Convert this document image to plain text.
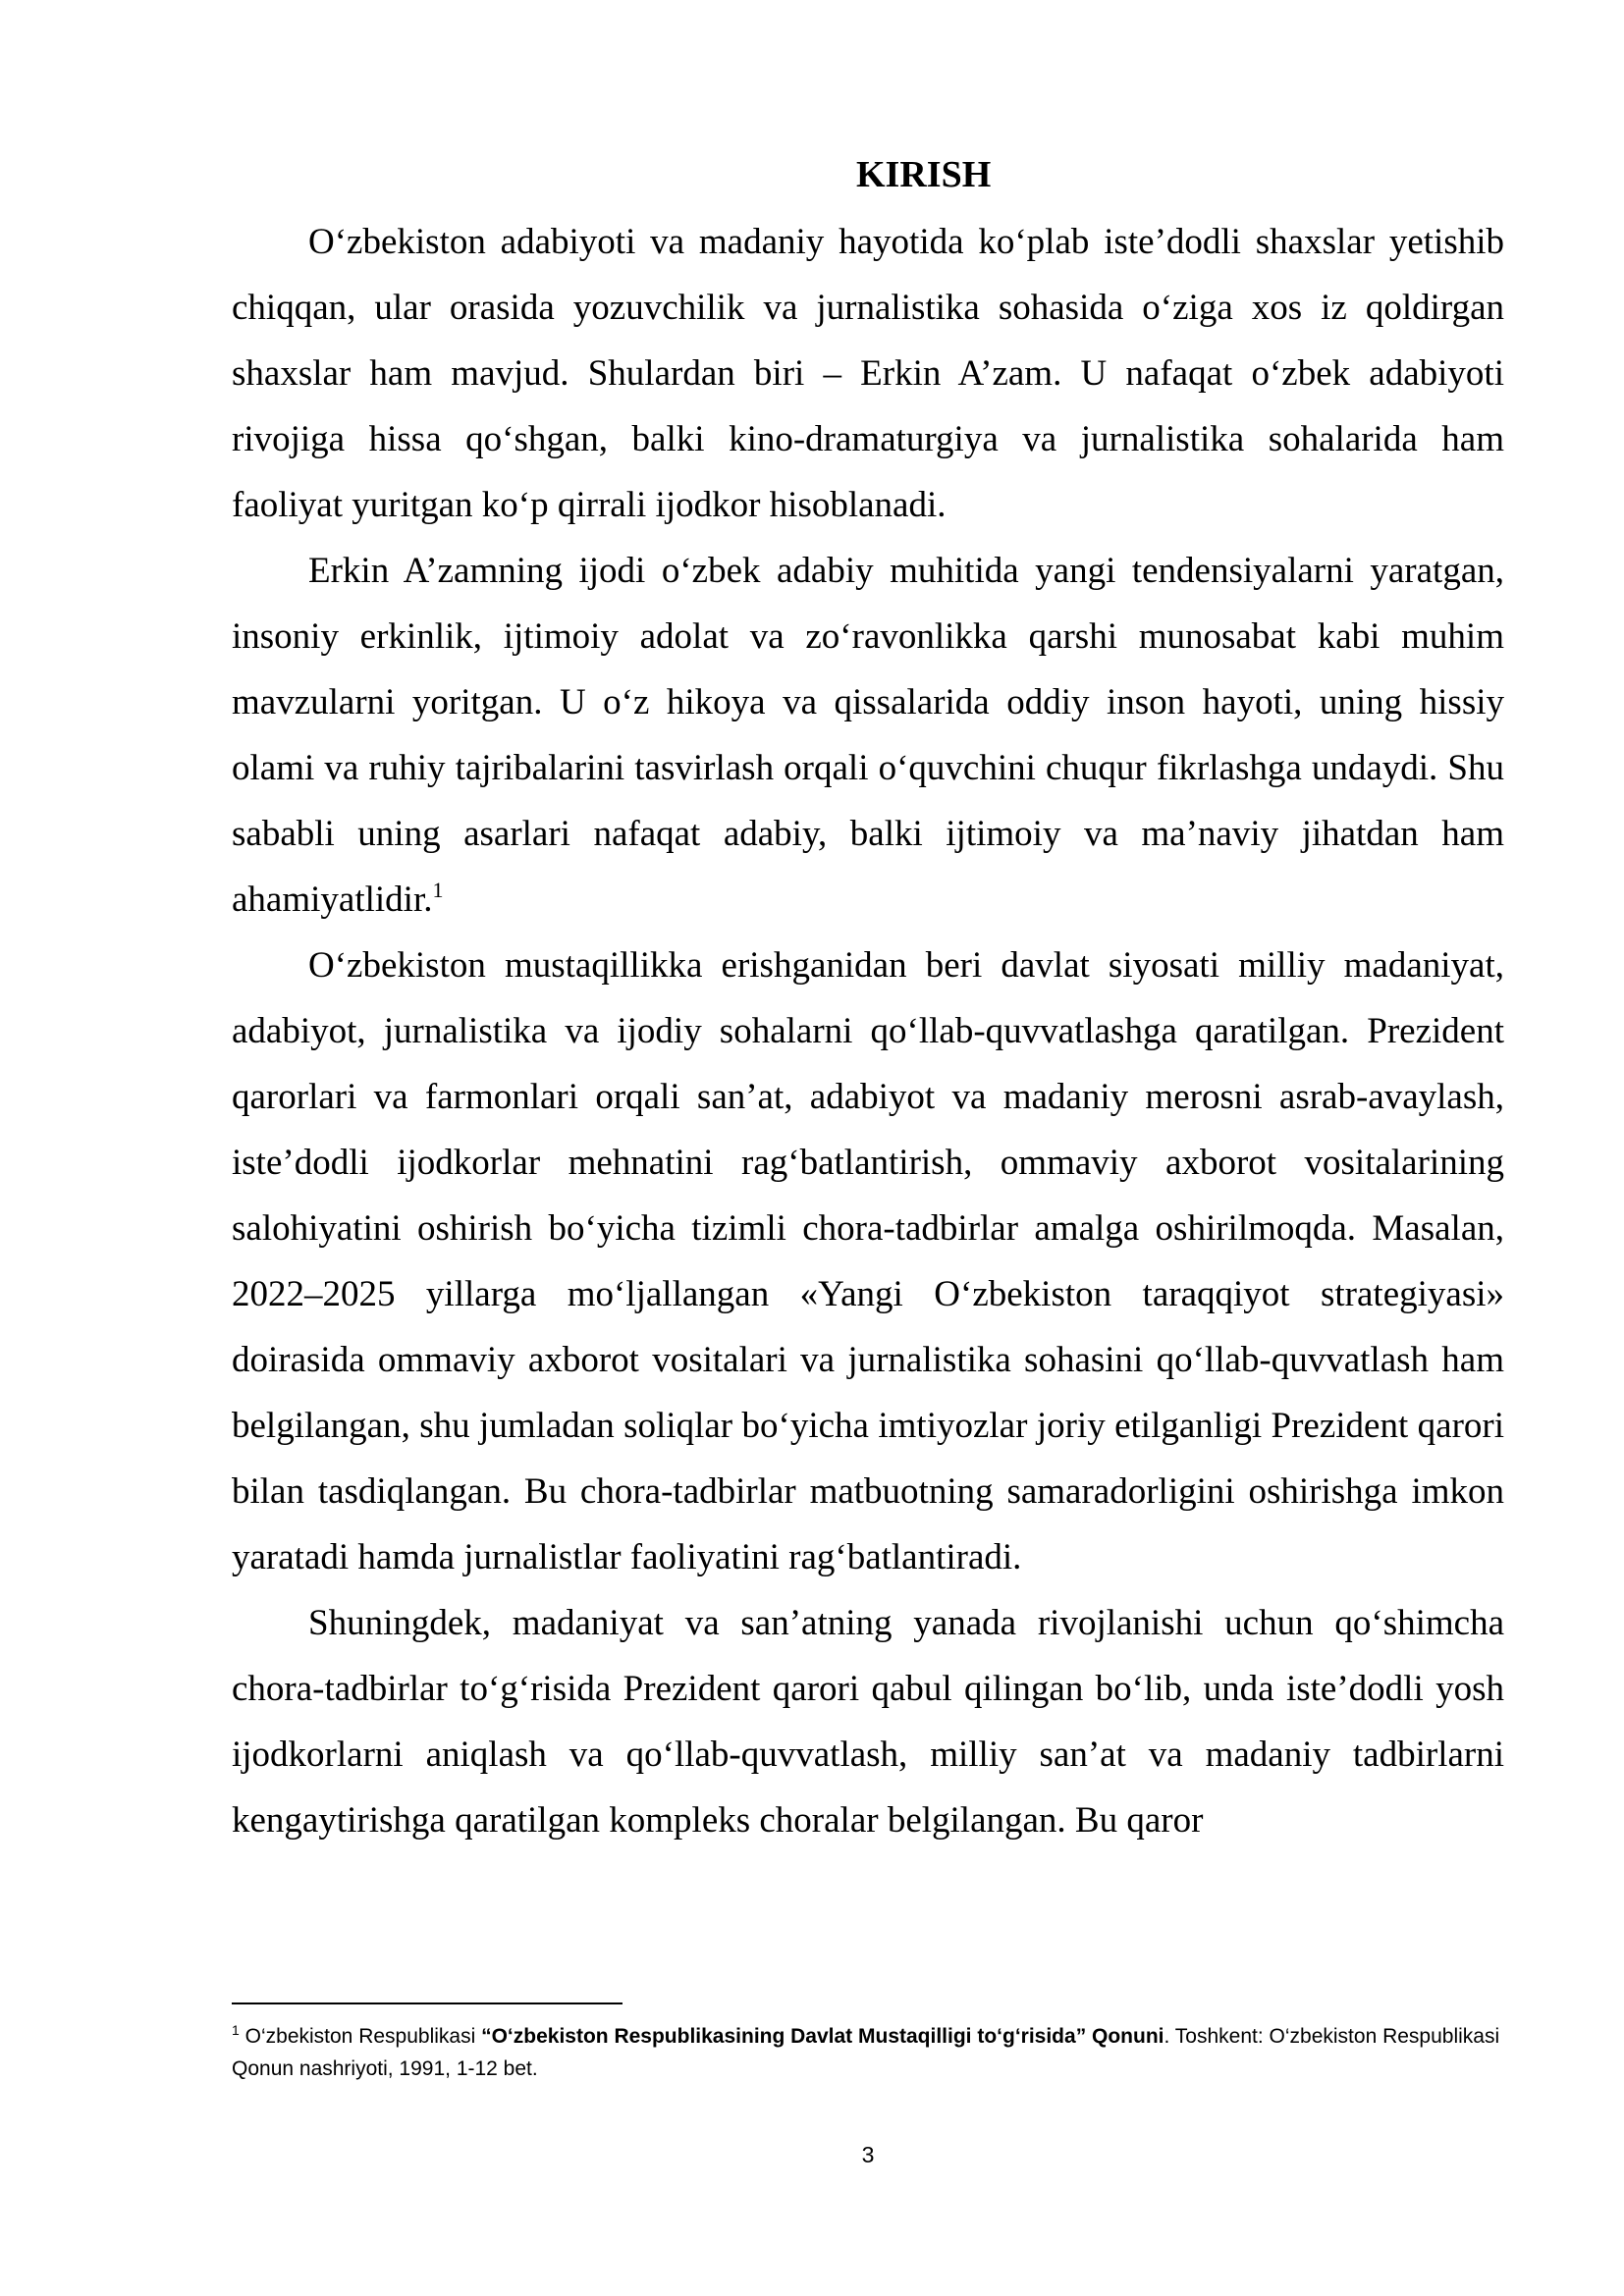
KIRISH

O‘zbekiston adabiyoti va madaniy hayotida ko‘plab iste’dodli shaxslar yetishib chiqqan, ular orasida yozuvchilik va jurnalistika sohasida o‘ziga xos iz qoldirgan shaxslar ham mavjud. Shulardan biri – Erkin A’zam. U nafaqat o‘zbek adabiyoti rivojiga hissa qo‘shgan, balki kino-dramaturgiya va jurnalistika sohalarida ham faoliyat yuritgan ko‘p qirrali ijodkor hisoblanadi.

Erkin A’zamning ijodi o‘zbek adabiy muhitida yangi tendensiyalarni yaratgan, insoniy erkinlik, ijtimoiy adolat va zo‘ravonlikka qarshi munosabat kabi muhim mavzularni yoritgan. U o‘z hikoya va qissalarida oddiy inson hayoti, uning hissiy olami va ruhiy tajribalarini tasvirlash orqali o‘quvchini chuqur fikrlashga undaydi. Shu sababli uning asarlari nafaqat adabiy, balki ijtimoiy va ma’naviy jihatdan ham ahamiyatlidir.$^1$

O‘zbekiston mustaqillikka erishganidan beri davlat siyosati milliy madaniyat, adabiyot, jurnalistika va ijodiy sohalarni qo‘llab-quvvatlashga qaratilgan. Prezident qarorlari va farmonlari orqali san’at, adabiyot va madaniy merosni asrab-avaylash, iste’dodli ijodkorlar mehnatini rag‘batlantirish, ommaviy axborot vositalarining salohiyatini oshirish bo‘yicha tizimli chora-tadbirlar amalga oshirilmoqda. Masalan, 2022–2025 yillarga mo‘ljallangan «Yangi O‘zbekiston taraqqiyot strategiyasi» doirasida ommaviy axborot vositalari va jurnalistika sohasini qo‘llab-quvvatlash ham belgilangan, shu jumladan soliqlar bo‘yicha imtiyozlar joriy etilganligi Prezident qarori bilan tasdiqlangan. Bu chora-tadbirlar matbuotning samaradorligini oshirishga imkon yaratadi hamda jurnalistlar faoliyatini rag‘batlantiradi.

Shuningdek, madaniyat va san’atning yanada rivojlanishi uchun qo‘shimcha chora-tadbirlar to‘g‘risida Prezident qarori qabul qilingan bo‘lib, unda iste’dodli yosh ijodkorlarni aniqlash va qo‘llab-quvvatlash, milliy san’at va madaniy tadbirlarni kengaytirishga qaratilgan kompleks choralar belgilangan. Bu qaror

$^1$ O‘zbekiston Respublikasi “O‘zbekiston Respublikasining Davlat Mustaqilligi to‘g‘risida” Qonuni. Toshkent: O‘zbekiston Respublikasi Qonun nashriyoti, 1991, 1-12 bet.
3
